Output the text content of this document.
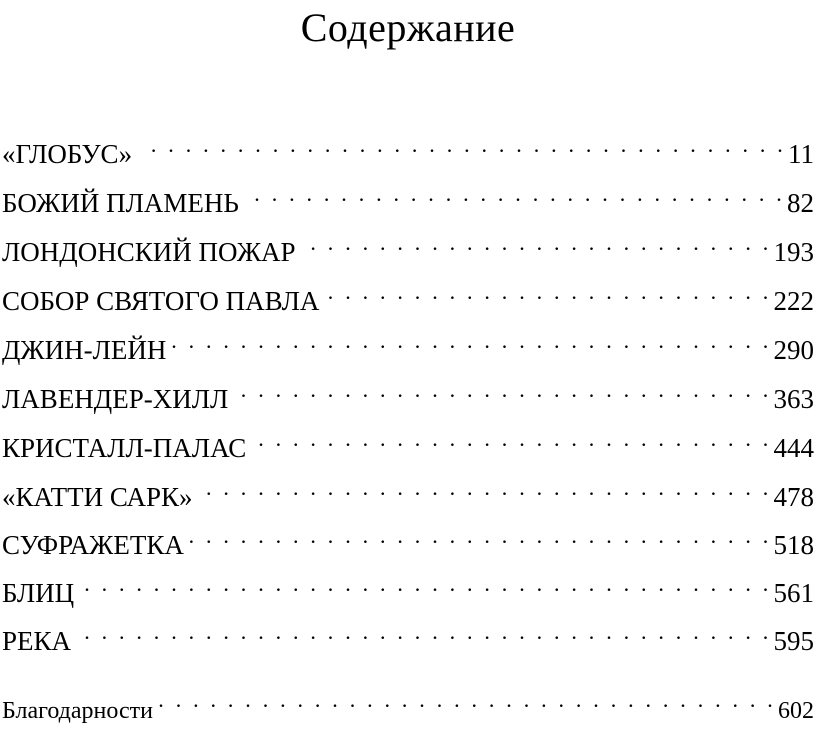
Содержание
«ГЛОБУС» . . .	11
БОЖИЙ ПЛАМЕНЬ . . .	82
ЛОНДОНСКИЙ ПОЖАР . . .	193
СОБОР СВЯТОГО ПАВЛА . . .	222
ДЖИН-ЛЕЙН . . .	290
ЛАВЕНДЕР-ХИЛЛ . . .	363
КРИСТАЛЛ-ПАЛАС . . .	444
«КАТТИ САРК» . . .	478
СУФРАЖЕТКА . . .	518
БЛИЦ . . .	561
РЕКА . . .	595
Благодарности . . .	602
